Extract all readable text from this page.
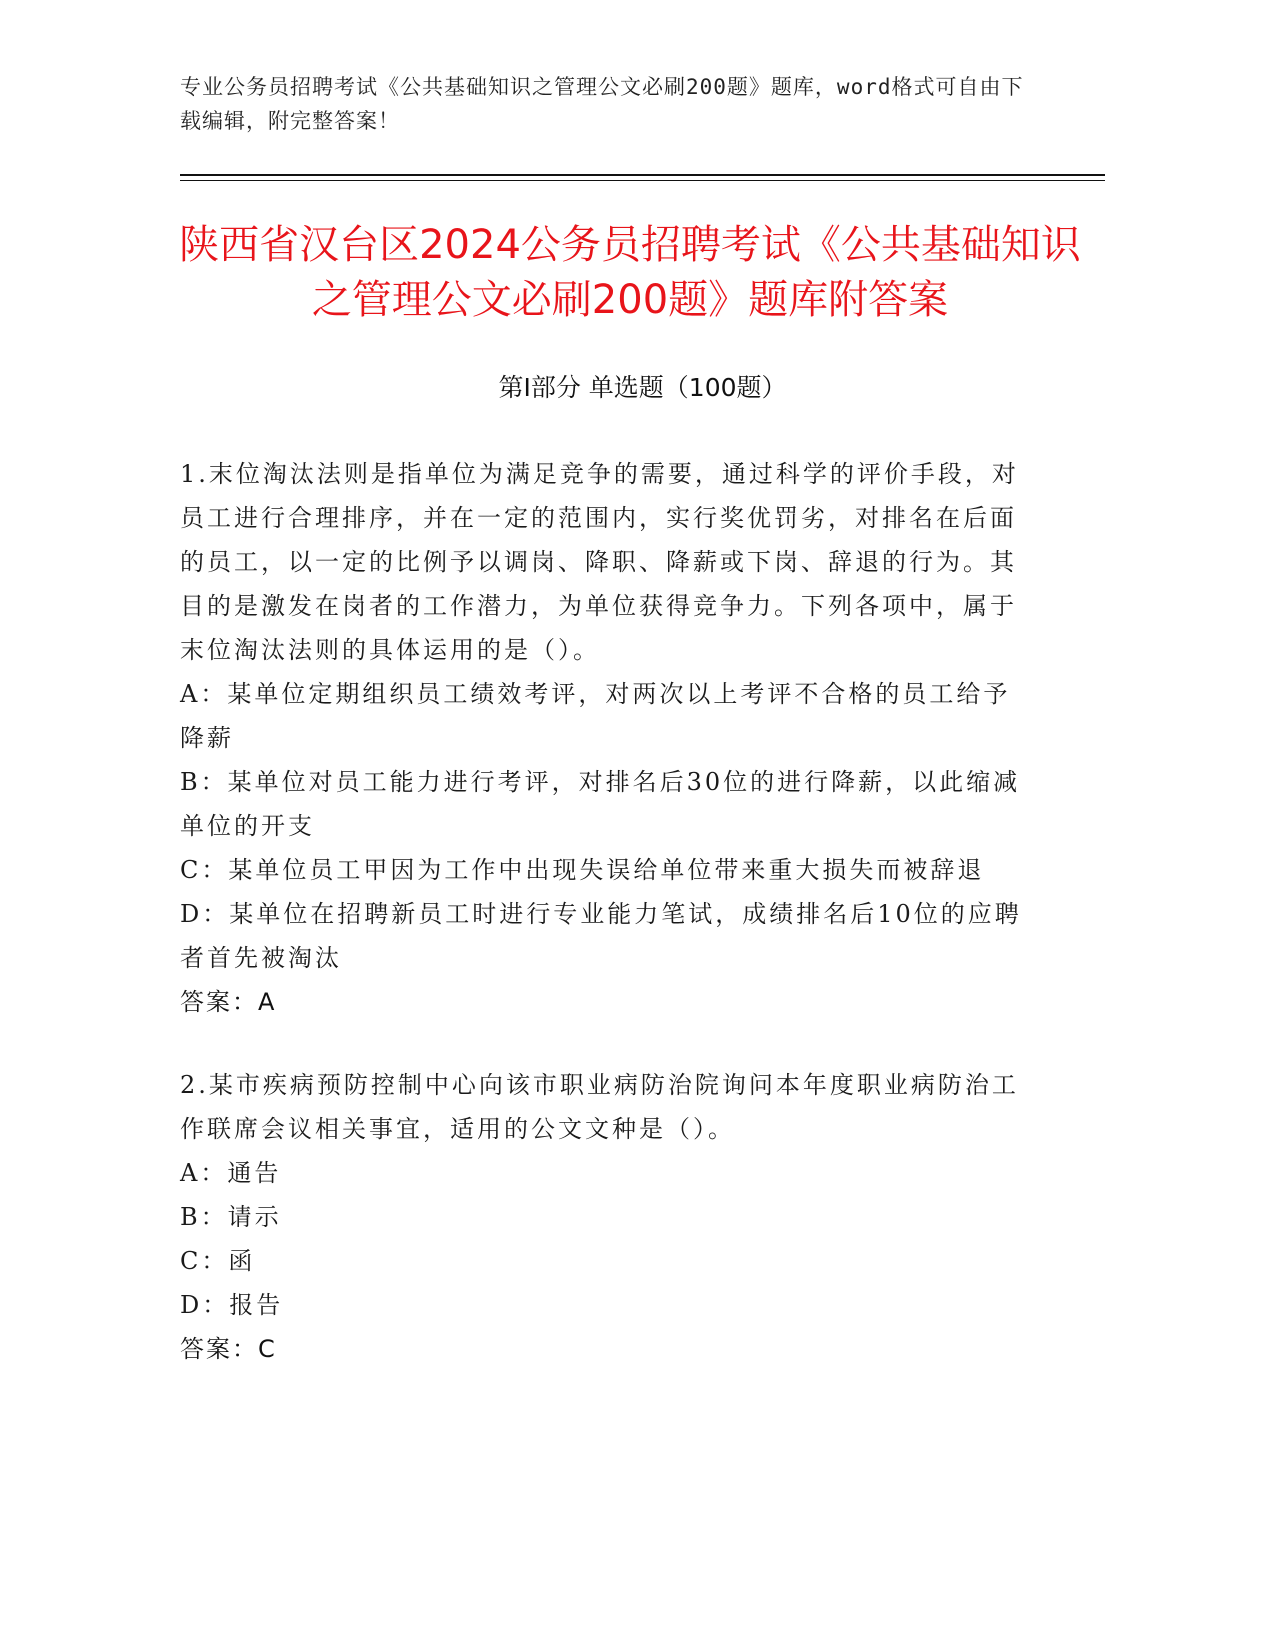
专业公务员招聘考试《公共基础知识之管理公文必刷200题》题库，word格式可自由下载编辑，附完整答案！
陕西省汉台区2024公务员招聘考试《公共基础知识之管理公文必刷200题》题库附答案
第Ⅰ部分 单选题（100题）

1.末位淘汰法则是指单位为满足竞争的需要，通过科学的评价手段，对员工进行合理排序，并在一定的范围内，实行奖优罚劣，对排名在后面的员工，以一定的比例予以调岗、降职、降薪或下岗、辞退的行为。其目的是激发在岗者的工作潜力，为单位获得竞争力。下列各项中，属于末位淘汰法则的具体运用的是（）。

A：某单位定期组织员工绩效考评，对两次以上考评不合格的员工给予降薪

B：某单位对员工能力进行考评，对排名后30位的进行降薪，以此缩减单位的开支

C：某单位员工甲因为工作中出现失误给单位带来重大损失而被辞退

D：某单位在招聘新员工时进行专业能力笔试，成绩排名后10位的应聘者首先被淘汰

答案：A

2.某市疾病预防控制中心向该市职业病防治院询问本年度职业病防治工作联席会议相关事宜，适用的公文文种是（）。

A：通告

B：请示

C：函

D：报告

答案：C
